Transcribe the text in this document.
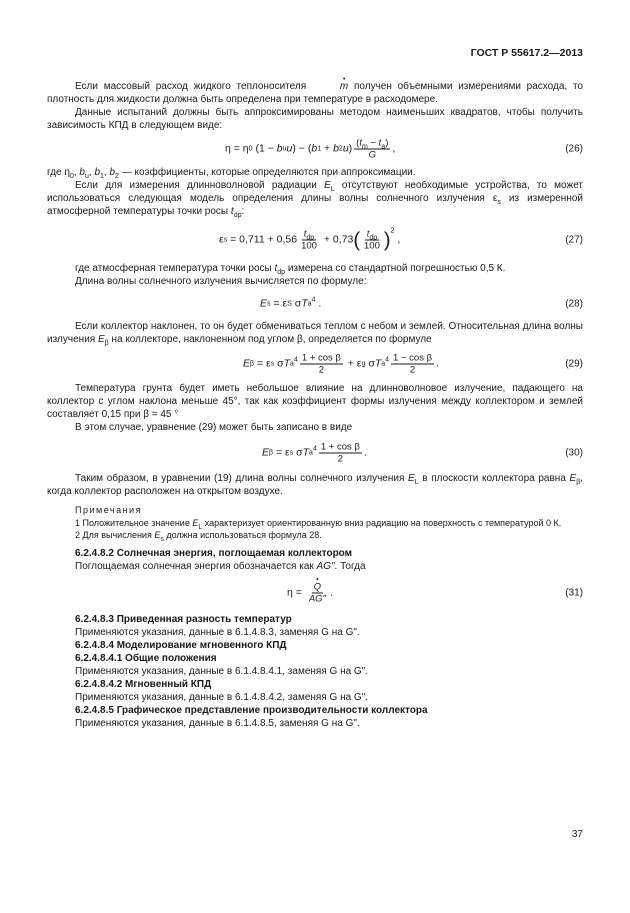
ГОСТ Р 55617.2—2013

Если массовый расход жидкого теплоносителя	• m получен объемными измерениями расхода, то плотность для жидкости должна быть определена при температуре в расходомере.

Данные испытаний должны быть аппроксимированы методом наименьших квадратов, чтобы получить зависимость КПД в следующем виде:

η = η 0 (1 − b u u ) − ( b 1 + b 2 u ) $\frac{(t_m - t_a)}{G}$ ,	(26)

где $\eta_0$, $b_u$, $b_1$, $b_2$ — коэффициенты, которые определяются при аппроксимации.

Если для измерения длинноволновой радиации $E_L$ отсутствуют необходимые устройства, то может использоваться следующая модель определения длины волны солнечного излучения $\varepsilon_s$ из измеренной атмосферной температуры точки росы $t_{dp}$:

ε $s = 0,711 + 0,56 \frac{t_{dp}}{100} + 0,73$ ( $\frac{t_{dp}}{100} )^2$
,	(27)

где атмосферная температура точки росы $t_{dp}$ измерена со стандартной погрешностью 0,5 К.

Длина волны солнечного излучения вычисляется по формуле:

E s = ε S σ T a
$^4$ .	(28)

Если коллектор наклонен, то он будет обмениваться теплом с небом и землей. Относительная длина волны излучения $E_\beta$ на коллекторе, наклоненном под углом β, определяется по формуле

E β = ε s σ T a
$^4 \frac{\text{1 + cos β}}{2} + \varepsilon$ g σ T a
$^4 \frac{\text{1 − cos β}}{2}$ .	(29)

Температура грунта будет иметь небольшое влияние на длинноволновое излучение, падающего на коллектор с углом наклона меньше 45°, так как коэффициент формы излучения между коллектором и землей составляет 0,15 при β = 45 °

В этом случае, уравнение (29) может быть записано в виде

E β = ε s σ T a
$^4 \frac{\text{1 + cos β}}{2}$ .	(30)

Таким образом, в уравнении (19) длина волны солнечного излучения $E_L$ в плоскости коллектора равна $E_\beta$, когда коллектор расположен на открытом воздухе.

Примечания

1 Положительное значение $E_L$ характеризует ориентированную вниз радиацию на поверхность с температурой 0 К.

2 Для вычисления $E_s$ должна использоваться формула 28.

6.2.4.8.2 Солнечная энергия, поглощаемая коллектором

Поглощаемая солнечная энергия обозначается как AG". Тогда

η = • $\frac{Q}{AG"}$ .	(31)

6.2.4.8.3 Приведенная разность температур

Применяются указания, данные в 6.1.4.8.3, заменяя G на G".

6.2.4.8.4 Моделирование мгновенного КПД

6.2.4.8.4.1 Общие положения

Применяются указания, данные в 6.1.4.8.4.1, заменяя G на G".

6.2.4.8.4.2 Мгновенный КПД

Применяются указания, данные в 6.1.4.8.4.2, заменяя G на G".

6.2.4.8.5 Графическое представление производительности коллектора

Применяются указания, данные в 6.1.4.8.5, заменяя G на G".

37
